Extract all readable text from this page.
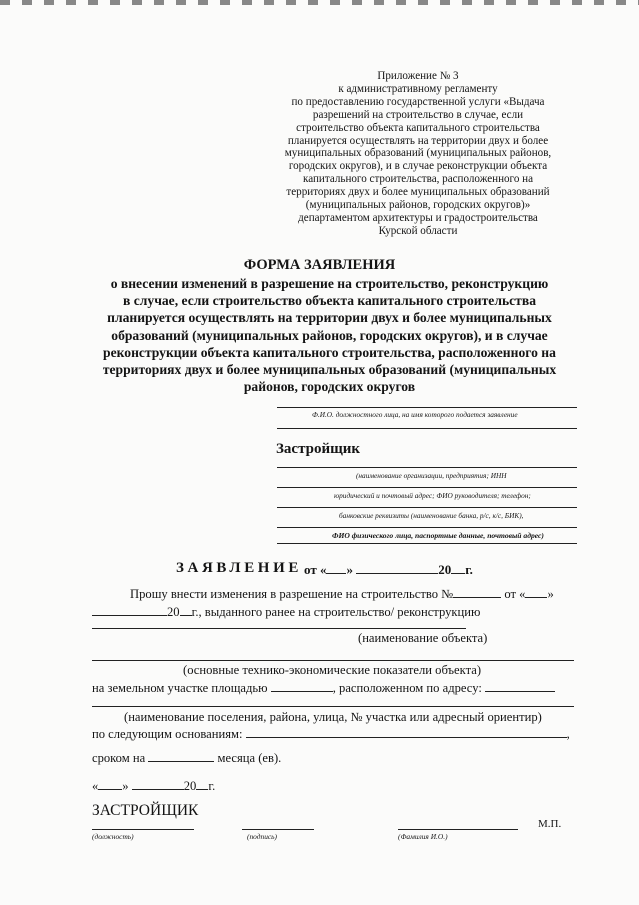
Приложение № 3
к административному регламенту
по предоставлению государственной услуги «Выдача
разрешений на строительство в случае, если
строительство объекта капитального строительства
планируется осуществлять на территории двух и более
муниципальных образований (муниципальных районов,
городских округов), и в случае реконструкции объекта
капитального строительства, расположенного на
территориях двух и более муниципальных образований
(муниципальных районов, городских округов)»
департаментом архитектуры и градостроительства
Курской области
ФОРМА ЗАЯВЛЕНИЯ
о внесении изменений в разрешение на строительство, реконструкцию
в случае, если строительство объекта капитального строительства
планируется осуществлять на территории двух и более муниципальных
образований (муниципальных районов, городских округов), и в случае
реконструкции объекта капитального строительства, расположенного на
территориях двух и более муниципальных образований (муниципальных
районов, городских округов
Ф.И.О. должностного лица, на имя которого подается заявление
Застройщик
(наименование организации, предприятия; ИНН
юридический и почтовый адрес; ФИО руководителя; телефон;
банковские реквизиты (наименование банка, р/с, к/с, БИК),
ФИО физического лица, паспортные данные, почтовый адрес)
ЗАЯВЛЕНИЕ от « »	20 г.
Прошу внести изменения в разрешение на строительство №	от « »
20 г., выданного ранее на строительство/ реконструкцию
(наименование объекта)
(основные технико-экономические показатели объекта)
на земельном участке площадью	, расположенном по адресу:
(наименование поселения, района, улица, № участка или адресный ориентир)
по следующим основаниям:	,
сроком на	месяца (ев).
« »	20 г.
ЗАСТРОЙЩИК
(должность)	(подпись)	(Фамилия И.О.)
М.П.
